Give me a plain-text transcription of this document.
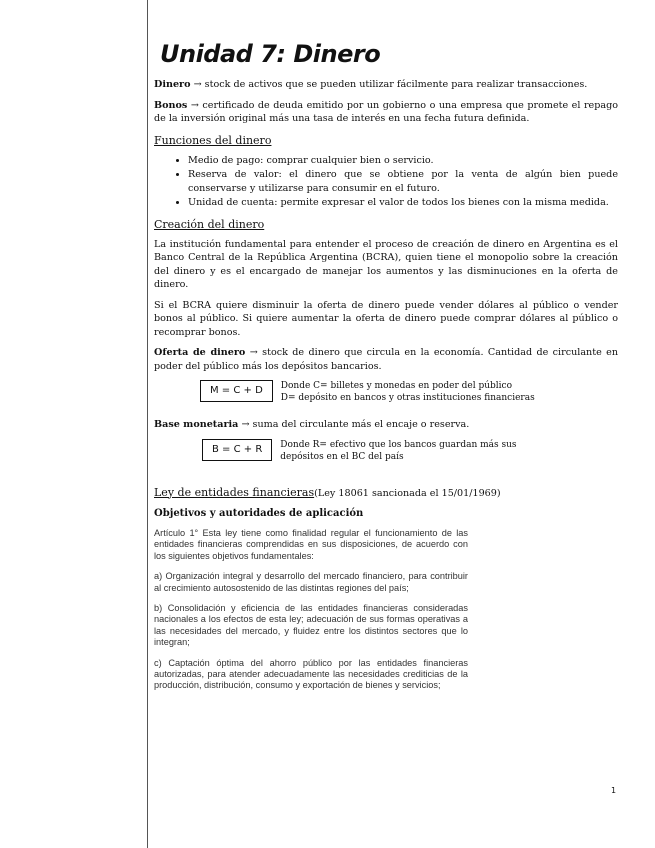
Unidad 7: Dinero

Dinero → stock de activos que se pueden utilizar fácilmente para realizar transacciones.

Bonos → certificado de deuda emitido por un gobierno o una empresa que promete el repago de la inversión original más una tasa de interés en una fecha futura definida.

Funciones del dinero
• Medio de pago: comprar cualquier bien o servicio.
• Reserva de valor: el dinero que se obtiene por la venta de algún bien puede conservarse y utilizarse para consumir en el futuro.
• Unidad de cuenta: permite expresar el valor de todos los bienes con la misma medida.
Creación del dinero

La institución fundamental para entender el proceso de creación de dinero en Argentina es el Banco Central de la República Argentina (BCRA), quien tiene el monopolio sobre la creación del dinero y es el encargado de manejar los aumentos y las disminuciones en la oferta de dinero.

Si el BCRA quiere disminuir la oferta de dinero puede vender dólares al público o vender bonos al público. Si quiere aumentar la oferta de dinero puede comprar dólares al público o recomprar bonos.

Oferta de dinero → stock de dinero que circula en la economía. Cantidad de circulante en poder del público más los depósitos bancarios.

M = C + D	Donde C= billetes y monedas en poder del público
D= depósito en bancos y otras instituciones financieras

Base monetaria → suma del circulante más el encaje o reserva.

B = C + R	Donde R= efectivo que los bancos guardan más sus
depósitos en el BC del país
Ley de entidades financieras(Ley 18061 sancionada el 15/01/1969)
Objetivos y autoridades de aplicación

Artículo 1° Esta ley tiene como finalidad regular el funcionamiento de las entidades financieras comprendidas en sus disposiciones, de acuerdo con los siguientes objetivos fundamentales:

a) Organización integral y desarrollo del mercado financiero, para contribuir al crecimiento autosostenido de las distintas regiones del país;

b) Consolidación y eficiencia de las entidades financieras consideradas nacionales a los efectos de esta ley; adecuación de sus formas operativas a las necesidades del mercado, y fluidez entre los distintos sectores que lo integran;

c) Captación óptima del ahorro público por las entidades financieras autorizadas, para atender adecuadamente las necesidades crediticias de la producción, distribución, consumo y exportación de bienes y servicios;

1
